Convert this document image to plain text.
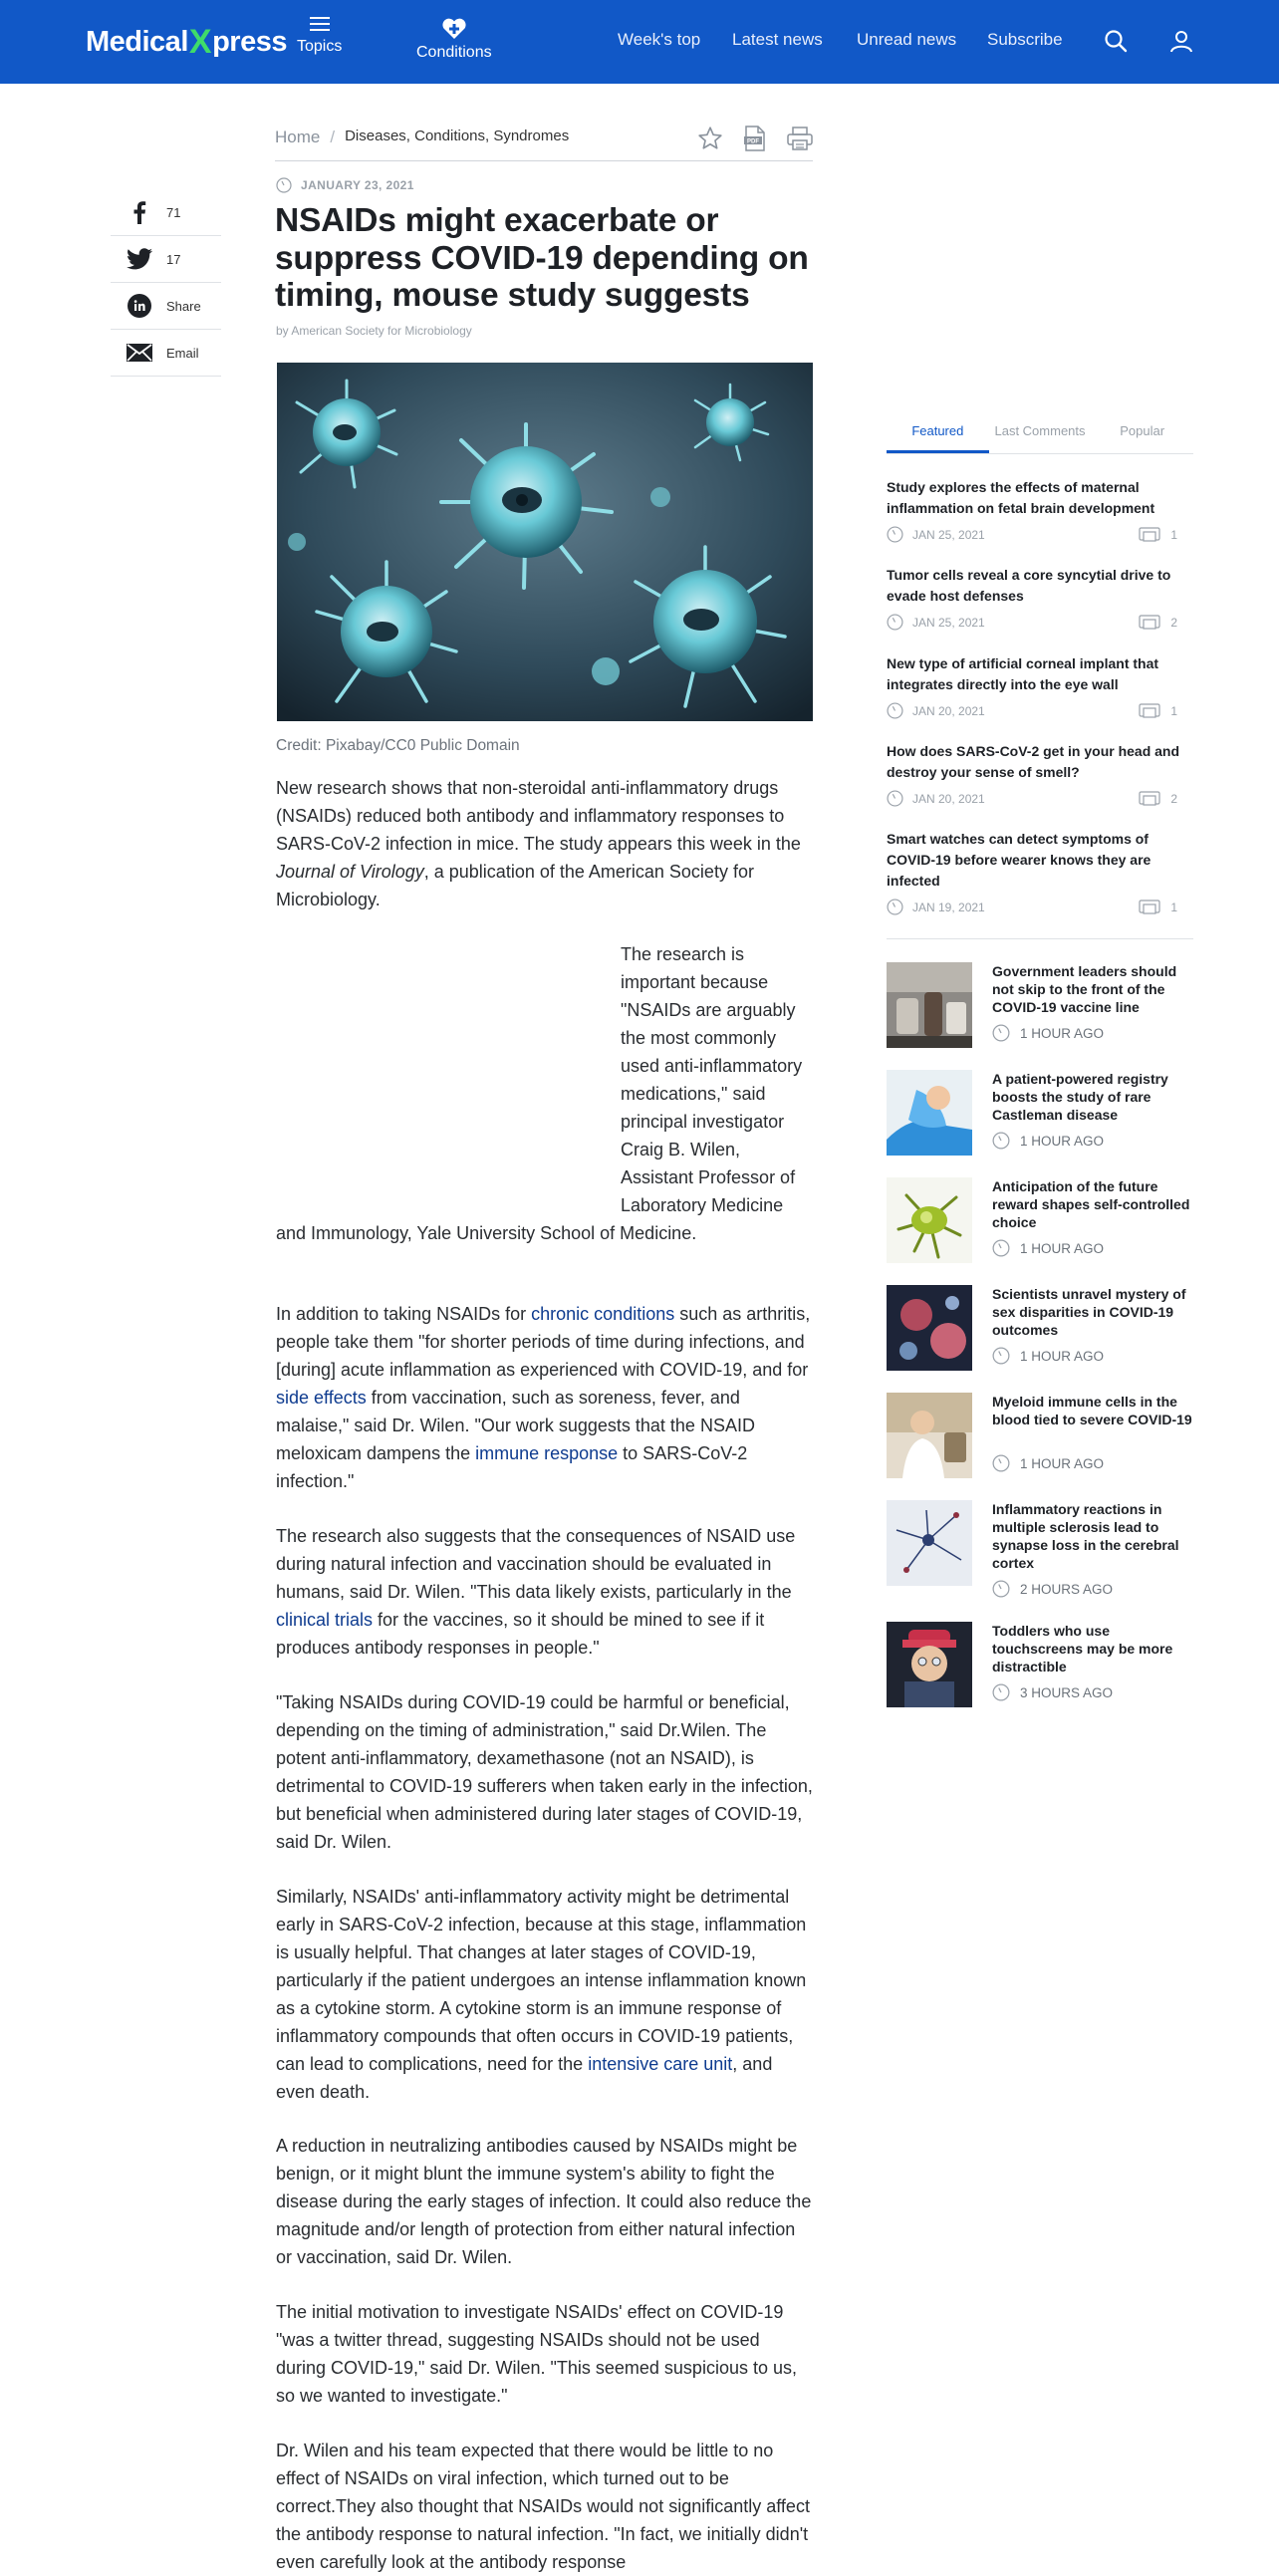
Medical X press Topics	Conditions
Week's top Latest news Unread news Subscribe
71
17
Share
Email
Home / Diseases, Conditions, Syndromes	PDF
JANUARY 23, 2021
NSAIDs might exacerbate or suppress COVID-19 depending on timing, mouse study suggests
by American Society for Microbiology
Credit: Pixabay/CC0 Public Domain

New research shows that non-steroidal anti-inflammatory drugs (NSAIDs) reduced both antibody and inflammatory responses to SARS-CoV-2 infection in mice. The study appears this week in the Journal of Virology, a publication of the American Society for Microbiology.

The research is important because "NSAIDs are arguably the most commonly used anti-inflammatory medications," said principal investigator Craig B. Wilen, Assistant Professor of Laboratory Medicine and Immunology, Yale University School of Medicine.

In addition to taking NSAIDs for chronic conditions such as arthritis, people take them "for shorter periods of time during infections, and [during] acute inflammation as experienced with COVID-19, and for side effects from vaccination, such as soreness, fever, and malaise," said Dr. Wilen. "Our work suggests that the NSAID meloxicam dampens the immune response to SARS-CoV-2 infection."

The research also suggests that the consequences of NSAID use during natural infection and vaccination should be evaluated in humans, said Dr. Wilen. "This data likely exists, particularly in the clinical trials for the vaccines, so it should be mined to see if it produces antibody responses in people."

"Taking NSAIDs during COVID-19 could be harmful or beneficial, depending on the timing of administration," said Dr.Wilen. The potent anti-inflammatory, dexamethasone (not an NSAID), is detrimental to COVID-19 sufferers when taken early in the infection, but beneficial when administered during later stages of COVID-19, said Dr. Wilen.

Similarly, NSAIDs' anti-inflammatory activity might be detrimental early in SARS-CoV-2 infection, because at this stage, inflammation is usually helpful. That changes at later stages of COVID-19, particularly if the patient undergoes an intense inflammation known as a cytokine storm. A cytokine storm is an immune response of inflammatory compounds that often occurs in COVID-19 patients, can lead to complications, need for the intensive care unit, and even death.

A reduction in neutralizing antibodies caused by NSAIDs might be benign, or it might blunt the immune system's ability to fight the disease during the early stages of infection. It could also reduce the magnitude and/or length of protection from either natural infection or vaccination, said Dr. Wilen.

The initial motivation to investigate NSAIDs' effect on COVID-19 "was a twitter thread, suggesting NSAIDs should not be used during COVID-19," said Dr. Wilen. "This seemed suspicious to us, so we wanted to investigate."

Dr. Wilen and his team expected that there would be little to no effect of NSAIDs on viral infection, which turned out to be correct.They also thought that NSAIDs would not significantly affect the antibody response to natural infection. "In fact, we initially didn't even carefully look at the antibody response

Featured	Last Comments	Popular
Study explores the effects of maternal inflammation on fetal brain development
JAN 25, 2021	1
Tumor cells reveal a core syncytial drive to evade host defenses
JAN 25, 2021	2
New type of artificial corneal implant that integrates directly into the eye wall
JAN 20, 2021	1
How does SARS-CoV-2 get in your head and destroy your sense of smell?
JAN 20, 2021	2
Smart watches can detect symptoms of COVID-19 before wearer knows they are infected
JAN 19, 2021	1
Government leaders should not skip to the front of the COVID-19 vaccine line
1 HOUR AGO
A patient-powered registry boosts the study of rare Castleman disease
1 HOUR AGO
Anticipation of the future reward shapes self-controlled choice
1 HOUR AGO
Scientists unravel mystery of sex disparities in COVID-19 outcomes
1 HOUR AGO
Myeloid immune cells in the blood tied to severe COVID-19
1 HOUR AGO
Inflammatory reactions in multiple sclerosis lead to synapse loss in the cerebral cortex
2 HOURS AGO
Toddlers who use touchscreens may be more distractible
3 HOURS AGO
